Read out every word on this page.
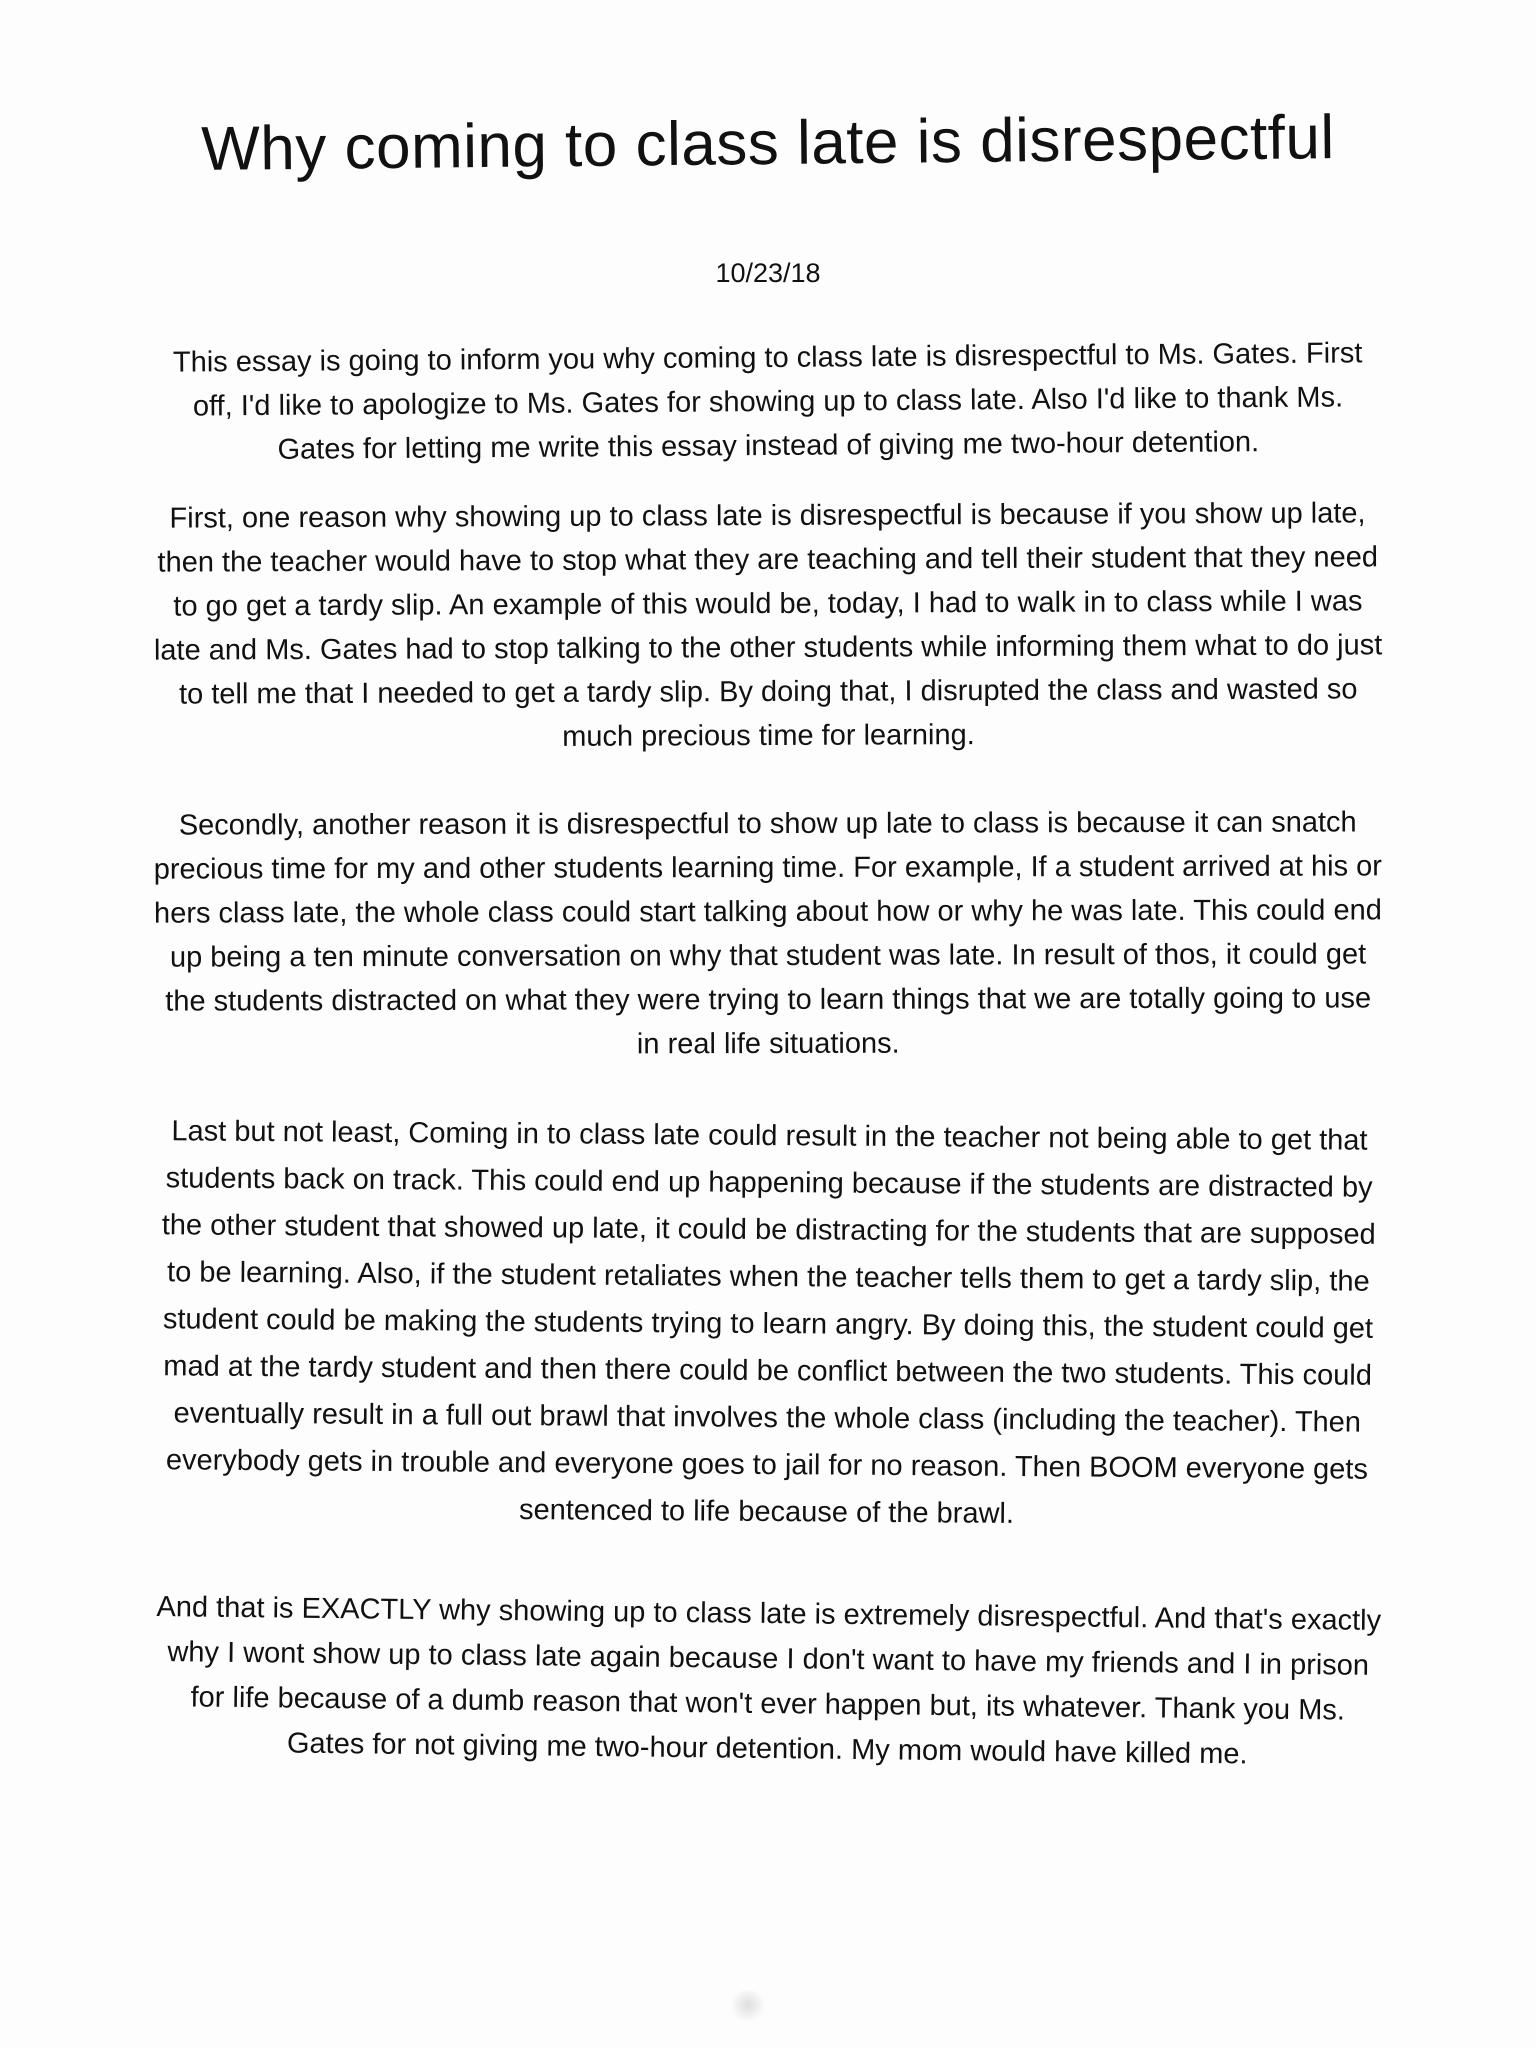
Why coming to class late is disrespectful

10/23/18

This essay is going to inform you why coming to class late is disrespectful to Ms. Gates. First
off, I'd like to apologize to Ms. Gates for showing up to class late. Also I'd like to thank Ms.
Gates for letting me write this essay instead of giving me two-hour detention.

First, one reason why showing up to class late is disrespectful is because if you show up late,
then the teacher would have to stop what they are teaching and tell their student that they need
to go get a tardy slip. An example of this would be, today, I had to walk in to class while I was
late and Ms. Gates had to stop talking to the other students while informing them what to do just
to tell me that I needed to get a tardy slip. By doing that, I disrupted the class and wasted so
much precious time for learning.

Secondly, another reason it is disrespectful to show up late to class is because it can snatch
precious time for my and other students learning time. For example, If a student arrived at his or
hers class late, the whole class could start talking about how or why he was late. This could end
up being a ten minute conversation on why that student was late. In result of thos, it could get
the students distracted on what they were trying to learn things that we are totally going to use
in real life situations.

Last but not least, Coming in to class late could result in the teacher not being able to get that
students back on track. This could end up happening because if the students are distracted by
the other student that showed up late, it could be distracting for the students that are supposed
to be learning. Also, if the student retaliates when the teacher tells them to get a tardy slip, the
student could be making the students trying to learn angry. By doing this, the student could get
mad at the tardy student and then there could be conflict between the two students. This could
eventually result in a full out brawl that involves the whole class (including the teacher). Then
everybody gets in trouble and everyone goes to jail for no reason. Then BOOM everyone gets
sentenced to life because of the brawl.

And that is EXACTLY why showing up to class late is extremely disrespectful. And that's exactly
why I wont show up to class late again because I don't want to have my friends and I in prison
for life because of a dumb reason that won't ever happen but, its whatever. Thank you Ms.
Gates for not giving me two-hour detention. My mom would have killed me.
